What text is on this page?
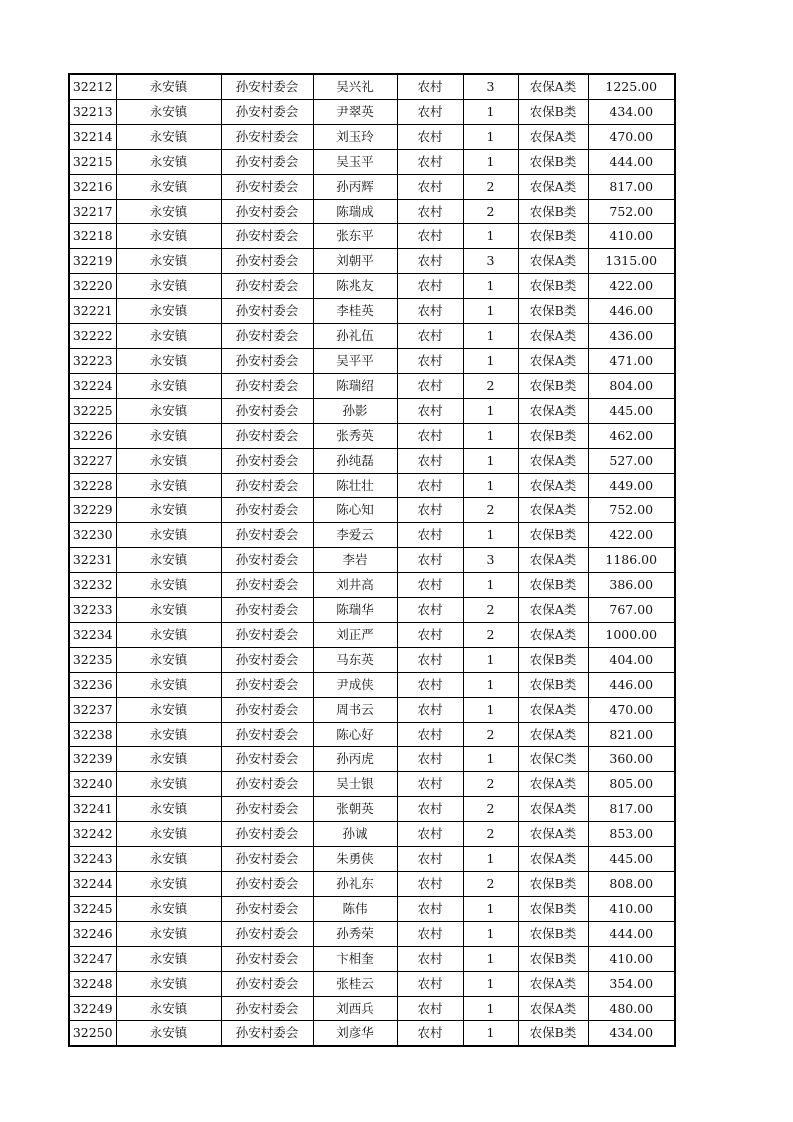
32212	永安镇	孙安村委会	吴兴礼	农村	3	农保A类	1225.00
32213	永安镇	孙安村委会	尹翠英	农村	1	农保B类	434.00
32214	永安镇	孙安村委会	刘玉玲	农村	1	农保A类	470.00
32215	永安镇	孙安村委会	吴玉平	农村	1	农保B类	444.00
32216	永安镇	孙安村委会	孙丙辉	农村	2	农保A类	817.00
32217	永安镇	孙安村委会	陈瑞成	农村	2	农保B类	752.00
32218	永安镇	孙安村委会	张东平	农村	1	农保B类	410.00
32219	永安镇	孙安村委会	刘朝平	农村	3	农保A类	1315.00
32220	永安镇	孙安村委会	陈兆友	农村	1	农保B类	422.00
32221	永安镇	孙安村委会	李桂英	农村	1	农保B类	446.00
32222	永安镇	孙安村委会	孙礼伍	农村	1	农保A类	436.00
32223	永安镇	孙安村委会	吴平平	农村	1	农保A类	471.00
32224	永安镇	孙安村委会	陈瑞绍	农村	2	农保B类	804.00
32225	永安镇	孙安村委会	孙影	农村	1	农保A类	445.00
32226	永安镇	孙安村委会	张秀英	农村	1	农保B类	462.00
32227	永安镇	孙安村委会	孙纯磊	农村	1	农保A类	527.00
32228	永安镇	孙安村委会	陈壮壮	农村	1	农保A类	449.00
32229	永安镇	孙安村委会	陈心知	农村	2	农保A类	752.00
32230	永安镇	孙安村委会	李爱云	农村	1	农保B类	422.00
32231	永安镇	孙安村委会	李岩	农村	3	农保A类	1186.00
32232	永安镇	孙安村委会	刘井高	农村	1	农保B类	386.00
32233	永安镇	孙安村委会	陈瑞华	农村	2	农保A类	767.00
32234	永安镇	孙安村委会	刘正严	农村	2	农保A类	1000.00
32235	永安镇	孙安村委会	马东英	农村	1	农保B类	404.00
32236	永安镇	孙安村委会	尹成侠	农村	1	农保B类	446.00
32237	永安镇	孙安村委会	周书云	农村	1	农保A类	470.00
32238	永安镇	孙安村委会	陈心好	农村	2	农保A类	821.00
32239	永安镇	孙安村委会	孙丙虎	农村	1	农保C类	360.00
32240	永安镇	孙安村委会	吴士银	农村	2	农保A类	805.00
32241	永安镇	孙安村委会	张朝英	农村	2	农保A类	817.00
32242	永安镇	孙安村委会	孙诚	农村	2	农保A类	853.00
32243	永安镇	孙安村委会	朱勇侠	农村	1	农保A类	445.00
32244	永安镇	孙安村委会	孙礼东	农村	2	农保B类	808.00
32245	永安镇	孙安村委会	陈伟	农村	1	农保B类	410.00
32246	永安镇	孙安村委会	孙秀荣	农村	1	农保B类	444.00
32247	永安镇	孙安村委会	卞相奎	农村	1	农保B类	410.00
32248	永安镇	孙安村委会	张桂云	农村	1	农保A类	354.00
32249	永安镇	孙安村委会	刘西兵	农村	1	农保A类	480.00
32250	永安镇	孙安村委会	刘彦华	农村	1	农保B类	434.00
